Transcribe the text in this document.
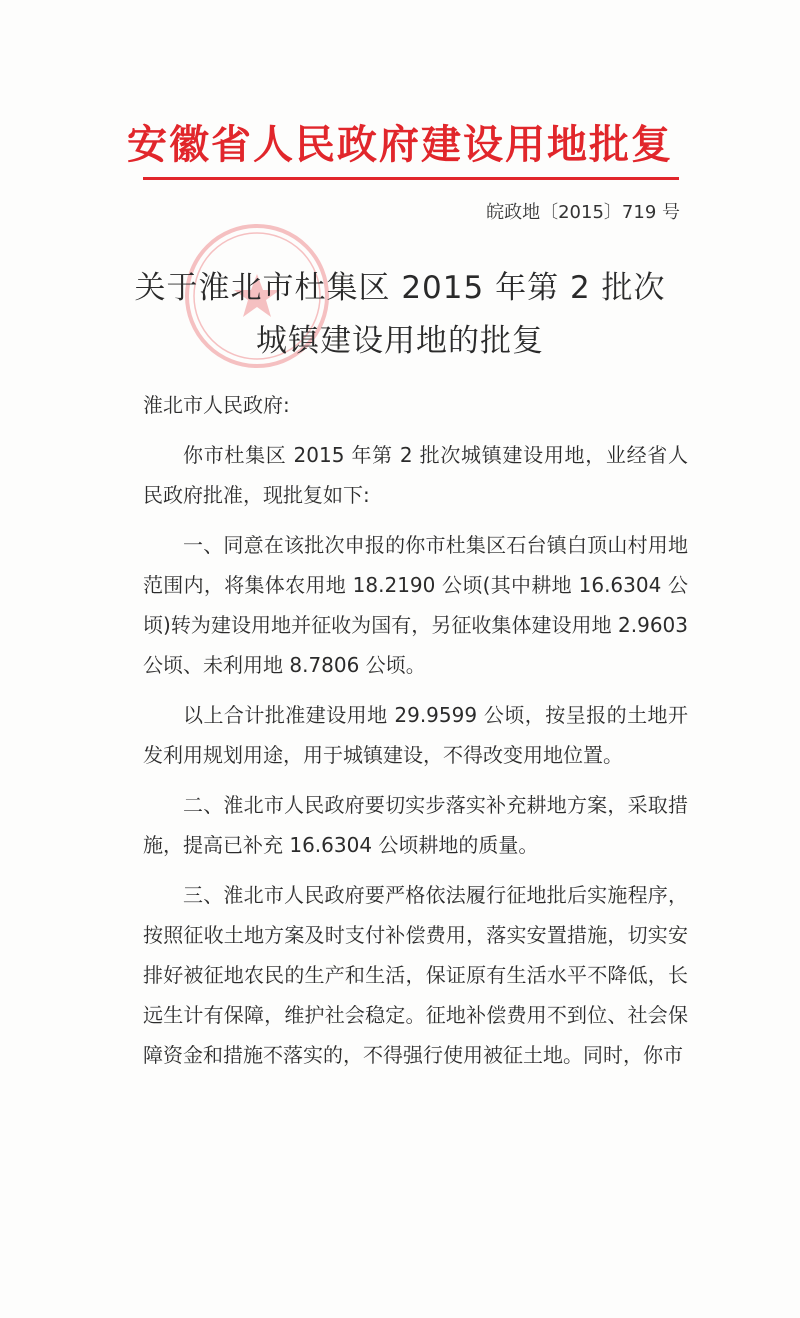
安徽省人民政府建设用地批复
皖政地〔2015〕719 号
关于淮北市杜集区 2015 年第 2 批次
城镇建设用地的批复

淮北市人民政府:

你市杜集区 2015 年第 2 批次城镇建设用地，业经省人民政府批准，现批复如下:

一、同意在该批次申报的你市杜集区石台镇白顶山村用地范围内，将集体农用地 18.2190 公顷(其中耕地 16.6304 公顷)转为建设用地并征收为国有，另征收集体建设用地 2.9603 公顷、未利用地 8.7806 公顷。

以上合计批准建设用地 29.9599 公顷，按呈报的土地开发利用规划用途，用于城镇建设，不得改变用地位置。

二、淮北市人民政府要切实步落实补充耕地方案，采取措施，提高已补充 16.6304 公顷耕地的质量。

三、淮北市人民政府要严格依法履行征地批后实施程序，按照征收土地方案及时支付补偿费用，落实安置措施，切实安排好被征地农民的生产和生活，保证原有生活水平不降低，长远生计有保障，维护社会稳定。征地补偿费用不到位、社会保障资金和措施不落实的，不得强行使用被征土地。同时，你市
